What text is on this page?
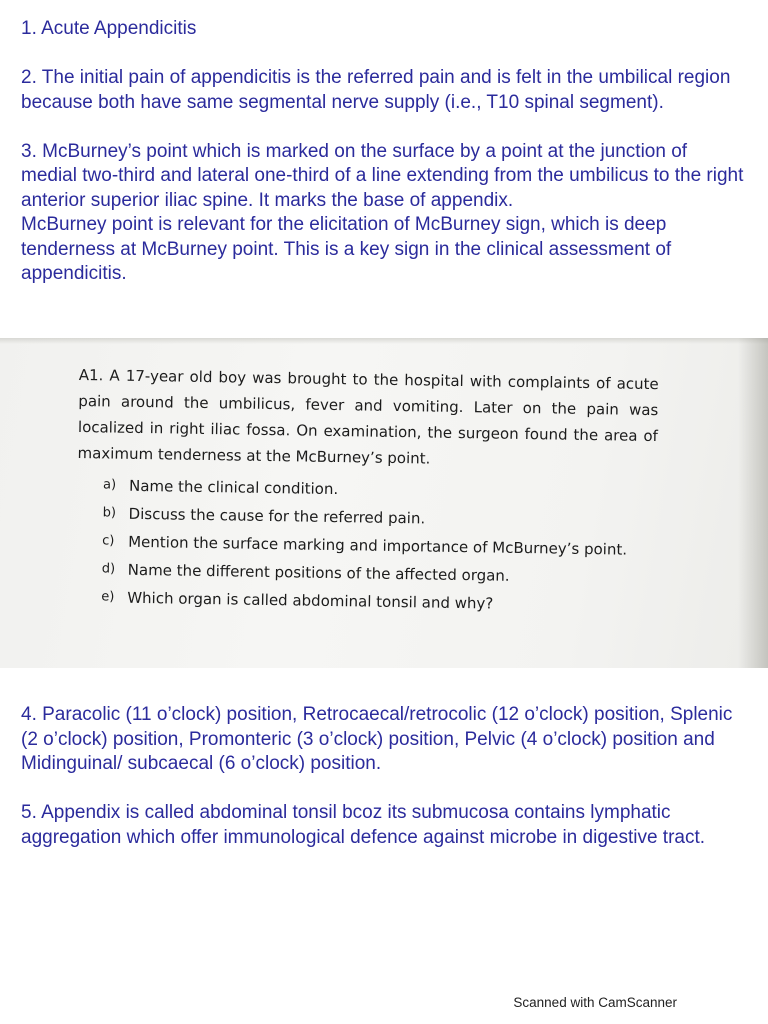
1. Acute Appendicitis

2. The initial pain of appendicitis is the referred pain and is felt in the umbilical region because both have same segmental nerve supply (i.e., T10 spinal segment).

3. McBurney’s point which is marked on the surface by a point at the junction of medial two-third and lateral one-third of a line extending from the umbilicus to the right anterior superior iliac spine. It marks the base of appendix.

McBurney point is relevant for the elicitation of McBurney sign, which is deep tenderness at McBurney point. This is a key sign in the clinical assessment of appendicitis.

A1. A 17-year old boy was brought to the hospital with complaints of acute pain around the umbilicus, fever and vomiting. Later on the pain was localized in right iliac fossa. On examination, the surgeon found the area of maximum tenderness at the McBurney’s point.

a) Name the clinical condition.
b) Discuss the cause for the referred pain.
c) Mention the surface marking and importance of McBurney’s point.
d) Name the different positions of the affected organ.
e) Which organ is called abdominal tonsil and why?

4. Paracolic (11 o’clock) position, Retrocaecal/retrocolic (12 o’clock) position, Splenic (2 o’clock) position, Promonteric (3 o’clock) position, Pelvic (4 o’clock) position and Midinguinal/ subcaecal (6 o’clock) position.

5. Appendix is called abdominal tonsil bcoz its submucosa contains lymphatic aggregation which offer immunological defence against microbe in digestive tract.

Scanned with CamScanner
